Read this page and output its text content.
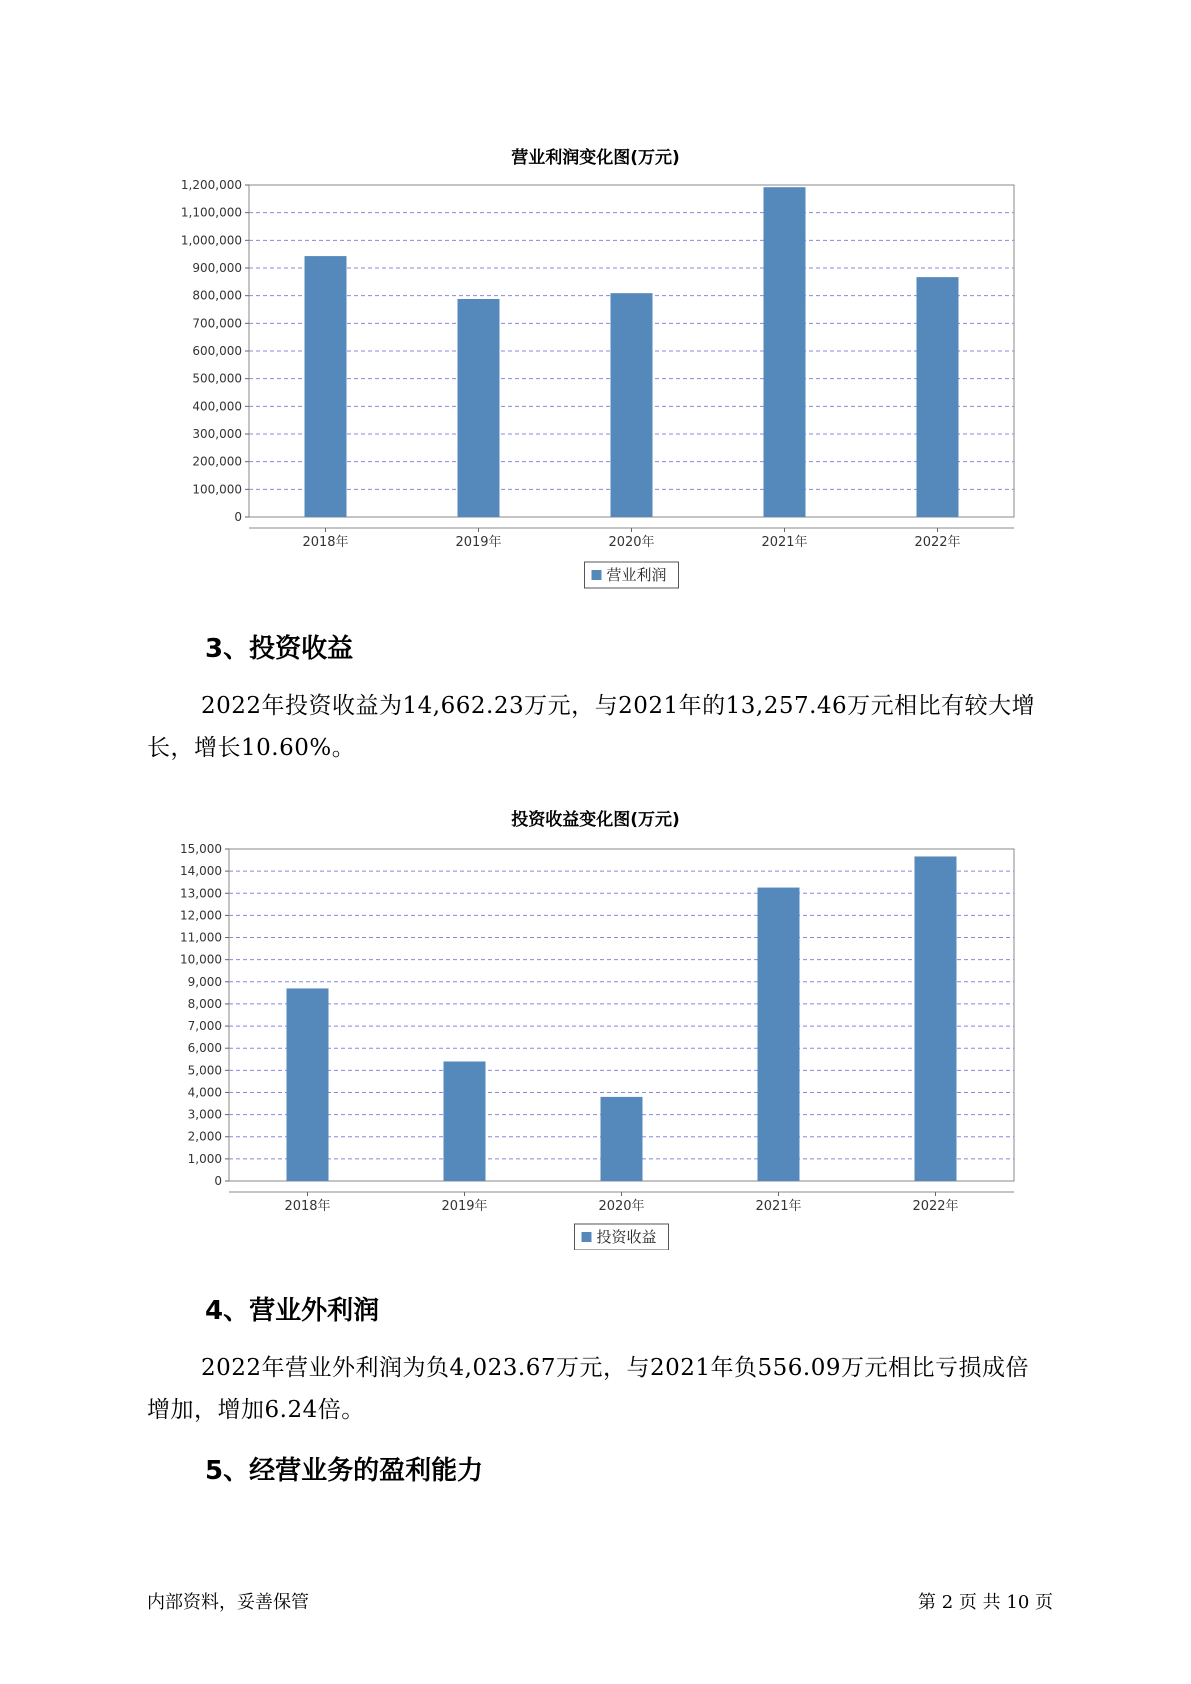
营业利润变化图(万元)
0
100,000
200,000
300,000
400,000
500,000
600,000
700,000
800,000
900,000
1,000,000
1,100,000
1,200,000
2018年	2019年	2020年	2021年	2022年
营业利润
3、投资收益

2022年投资收益为14,662.23万元，与2021年的13,257.46万元相比有较大增长，增长10.60%。

投资收益变化图(万元)
0
1,000
2,000
3,000
4,000
5,000
6,000
7,000
8,000
9,000
10,000
11,000
12,000
13,000
14,000
15,000
2018年	2019年	2020年	2021年	2022年
投资收益
4、营业外利润

2022年营业外利润为负4,023.67万元，与2021年负556.09万元相比亏损成倍增加，增加6.24倍。

5、经营业务的盈利能力
内部资料，妥善保管	第 2 页 共 10 页
